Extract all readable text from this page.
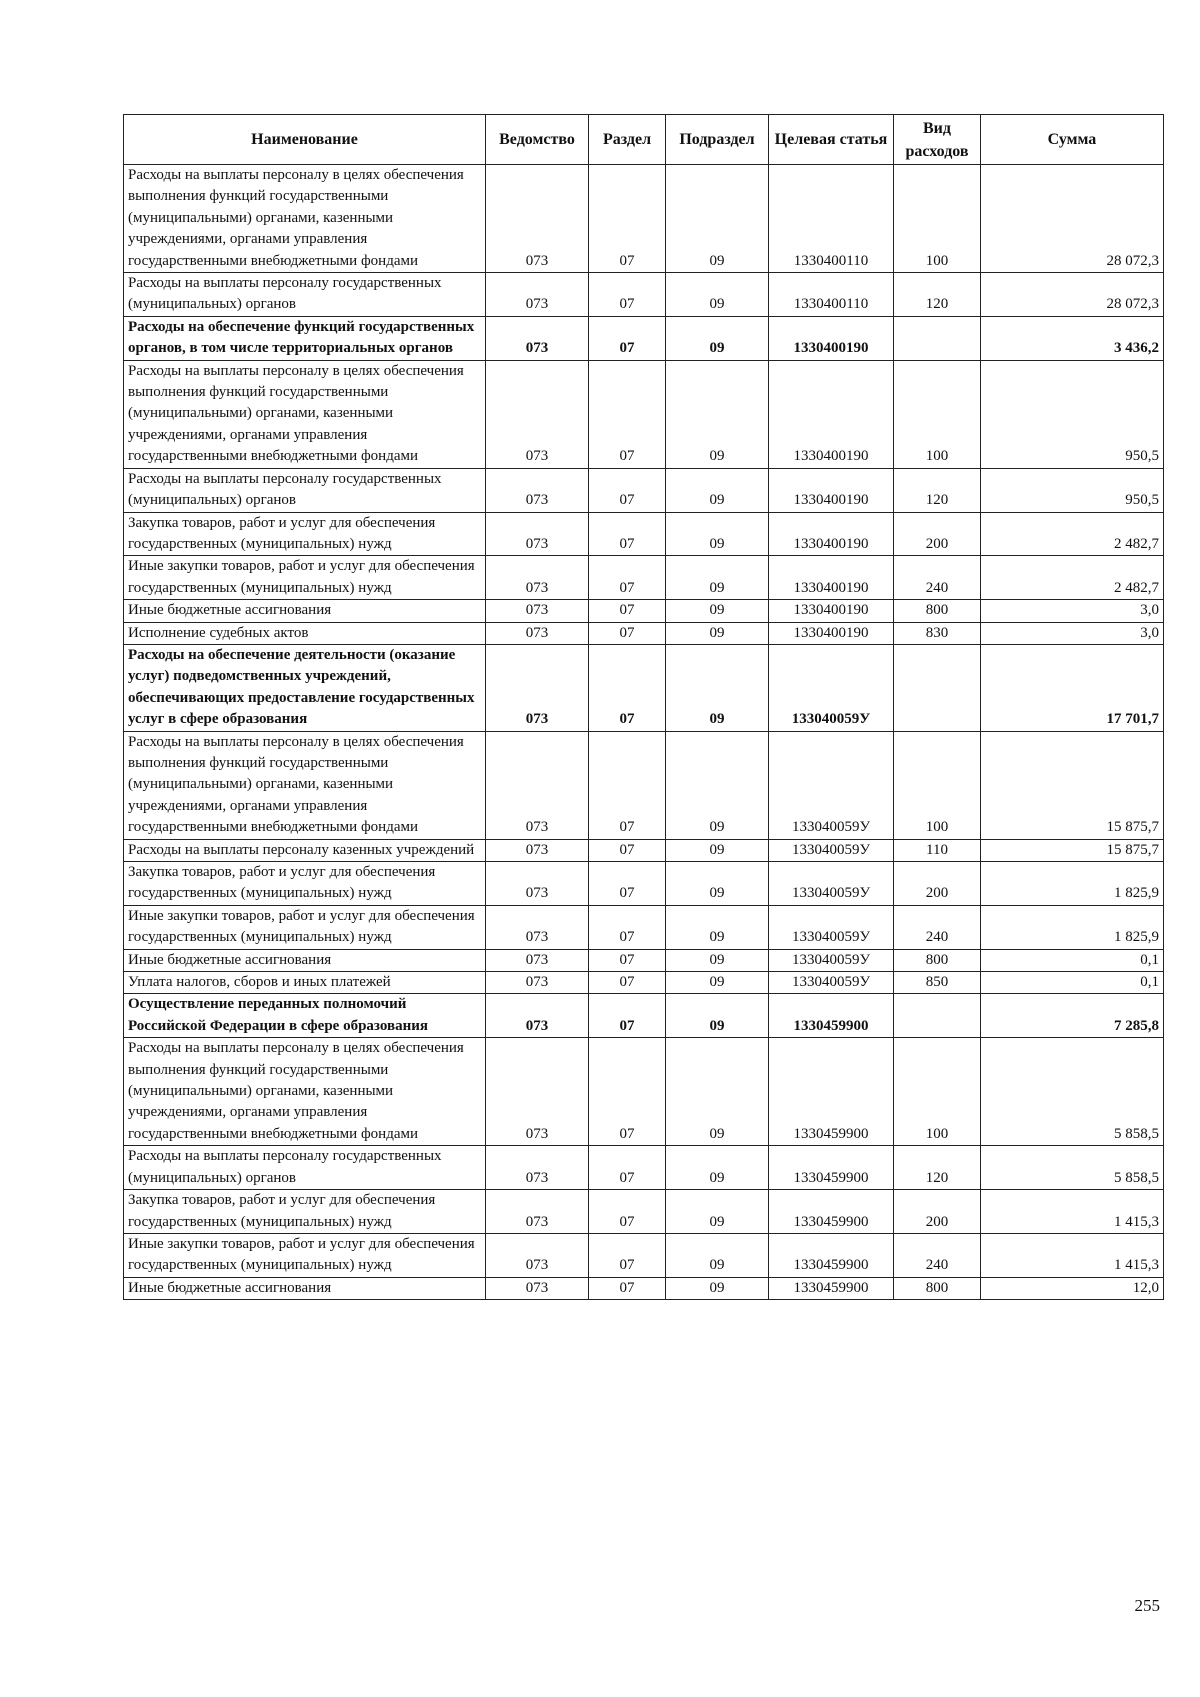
Наименование	Ведомство	Раздел	Подраздел	Целевая статья	Вид расходов	Сумма
Расходы на выплаты персоналу в целях обеспечения выполнения функций государственными (муниципальными) органами, казенными учреждениями, органами управления государственными внебюджетными фондами	073	07	09	1330400110	100	28 072,3
Расходы на выплаты персоналу государственных (муниципальных) органов	073	07	09	1330400110	120	28 072,3
Расходы на обеспечение функций государственных органов, в том числе территориальных органов	073	07	09	1330400190		3 436,2
Расходы на выплаты персоналу в целях обеспечения выполнения функций государственными (муниципальными) органами, казенными учреждениями, органами управления государственными внебюджетными фондами	073	07	09	1330400190	100	950,5
Расходы на выплаты персоналу государственных (муниципальных) органов	073	07	09	1330400190	120	950,5
Закупка товаров, работ и услуг для обеспечения государственных (муниципальных) нужд	073	07	09	1330400190	200	2 482,7
Иные закупки товаров, работ и услуг для обеспечения государственных (муниципальных) нужд	073	07	09	1330400190	240	2 482,7
Иные бюджетные ассигнования	073	07	09	1330400190	800	3,0
Исполнение судебных актов	073	07	09	1330400190	830	3,0
Расходы на обеспечение деятельности (оказание услуг) подведомственных учреждений, обеспечивающих предоставление государственных услуг в сфере образования	073	07	09	133040059У		17 701,7
Расходы на выплаты персоналу в целях обеспечения выполнения функций государственными (муниципальными) органами, казенными учреждениями, органами управления государственными внебюджетными фондами	073	07	09	133040059У	100	15 875,7
Расходы на выплаты персоналу казенных учреждений	073	07	09	133040059У	110	15 875,7
Закупка товаров, работ и услуг для обеспечения государственных (муниципальных) нужд	073	07	09	133040059У	200	1 825,9
Иные закупки товаров, работ и услуг для обеспечения государственных (муниципальных) нужд	073	07	09	133040059У	240	1 825,9
Иные бюджетные ассигнования	073	07	09	133040059У	800	0,1
Уплата налогов, сборов и иных платежей	073	07	09	133040059У	850	0,1
Осуществление переданных полномочий Российской Федерации в сфере образования	073	07	09	1330459900		7 285,8
Расходы на выплаты персоналу в целях обеспечения выполнения функций государственными (муниципальными) органами, казенными учреждениями, органами управления государственными внебюджетными фондами	073	07	09	1330459900	100	5 858,5
Расходы на выплаты персоналу государственных (муниципальных) органов	073	07	09	1330459900	120	5 858,5
Закупка товаров, работ и услуг для обеспечения государственных (муниципальных) нужд	073	07	09	1330459900	200	1 415,3
Иные закупки товаров, работ и услуг для обеспечения государственных (муниципальных) нужд	073	07	09	1330459900	240	1 415,3
Иные бюджетные ассигнования	073	07	09	1330459900	800	12,0
255
